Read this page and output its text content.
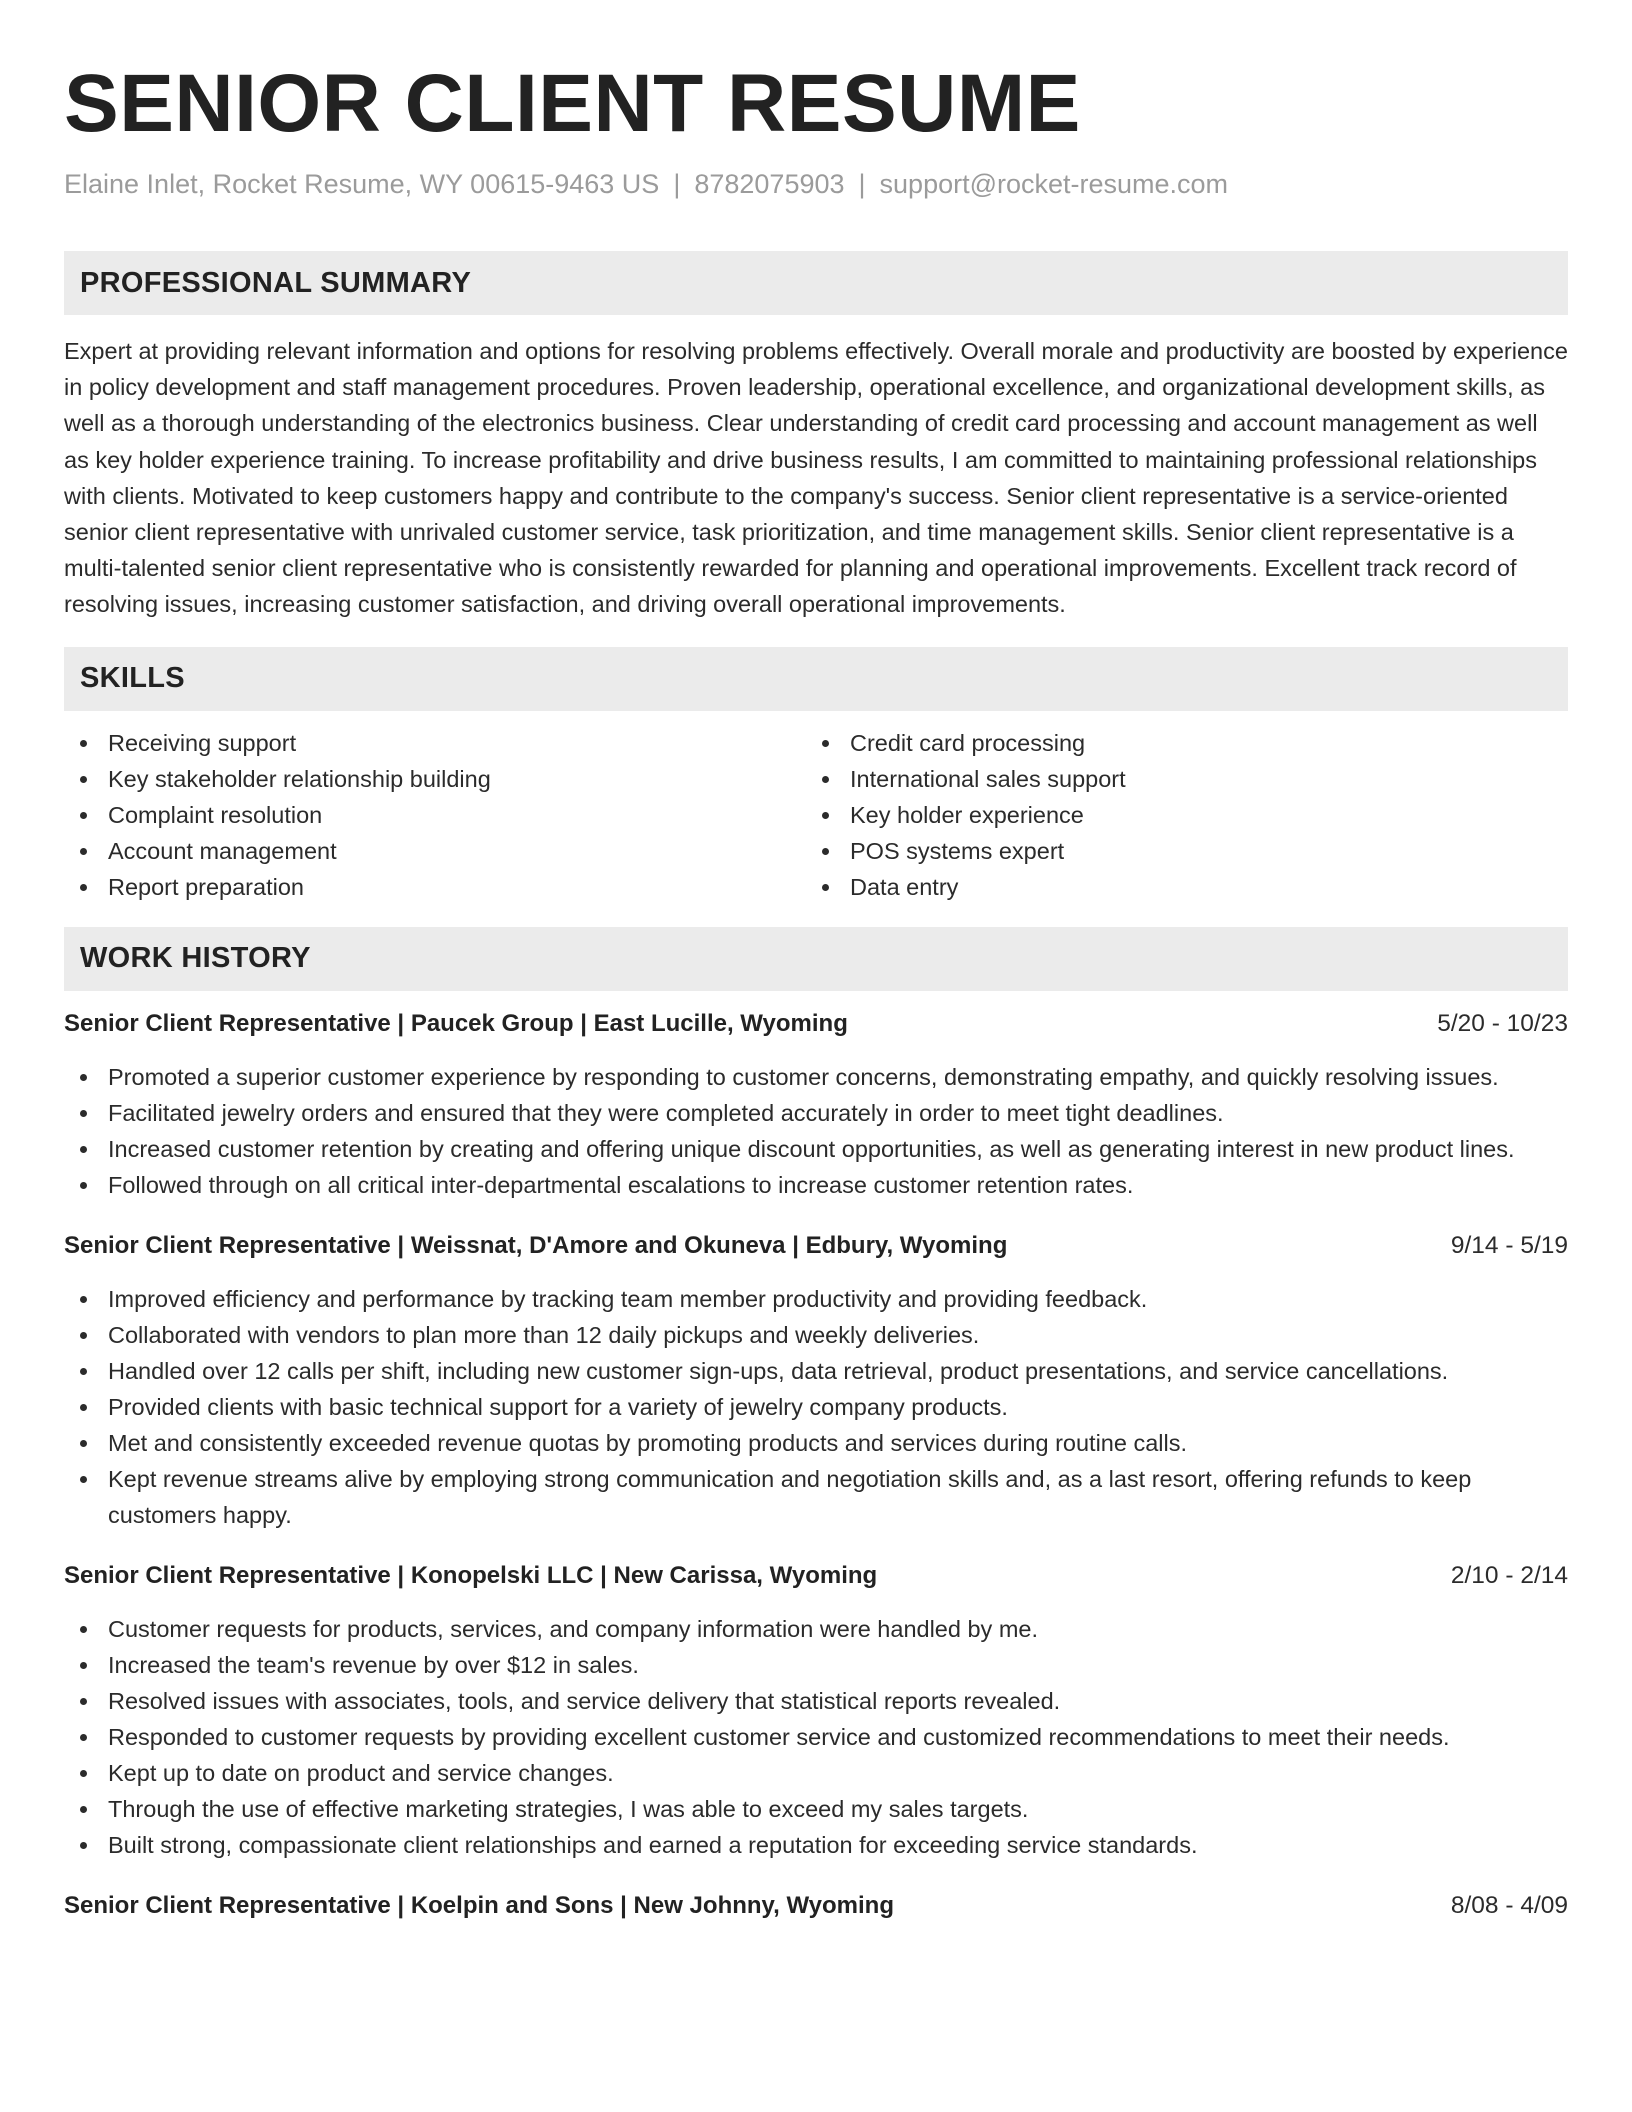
SENIOR CLIENT RESUME
Elaine Inlet, Rocket Resume, WY 00615-9463 US | 8782075903 | support@rocket-resume.com
PROFESSIONAL SUMMARY
Expert at providing relevant information and options for resolving problems effectively. Overall morale and productivity are boosted by experience in policy development and staff management procedures. Proven leadership, operational excellence, and organizational development skills, as well as a thorough understanding of the electronics business. Clear understanding of credit card processing and account management as well as key holder experience training. To increase profitability and drive business results, I am committed to maintaining professional relationships with clients. Motivated to keep customers happy and contribute to the company's success. Senior client representative is a service-oriented senior client representative with unrivaled customer service, task prioritization, and time management skills. Senior client representative is a multi-talented senior client representative who is consistently rewarded for planning and operational improvements. Excellent track record of resolving issues, increasing customer satisfaction, and driving overall operational improvements.
SKILLS
Receiving support
Key stakeholder relationship building
Complaint resolution
Account management
Report preparation
Credit card processing
International sales support
Key holder experience
POS systems expert
Data entry
WORK HISTORY
Senior Client Representative | Paucek Group | East Lucille, Wyoming	5/20 - 10/23
Promoted a superior customer experience by responding to customer concerns, demonstrating empathy, and quickly resolving issues.
Facilitated jewelry orders and ensured that they were completed accurately in order to meet tight deadlines.
Increased customer retention by creating and offering unique discount opportunities, as well as generating interest in new product lines.
Followed through on all critical inter-departmental escalations to increase customer retention rates.
Senior Client Representative | Weissnat, D'Amore and Okuneva | Edbury, Wyoming	9/14 - 5/19
Improved efficiency and performance by tracking team member productivity and providing feedback.
Collaborated with vendors to plan more than 12 daily pickups and weekly deliveries.
Handled over 12 calls per shift, including new customer sign-ups, data retrieval, product presentations, and service cancellations.
Provided clients with basic technical support for a variety of jewelry company products.
Met and consistently exceeded revenue quotas by promoting products and services during routine calls.
Kept revenue streams alive by employing strong communication and negotiation skills and, as a last resort, offering refunds to keep customers happy.
Senior Client Representative | Konopelski LLC | New Carissa, Wyoming	2/10 - 2/14
Customer requests for products, services, and company information were handled by me.
Increased the team's revenue by over $12 in sales.
Resolved issues with associates, tools, and service delivery that statistical reports revealed.
Responded to customer requests by providing excellent customer service and customized recommendations to meet their needs.
Kept up to date on product and service changes.
Through the use of effective marketing strategies, I was able to exceed my sales targets.
Built strong, compassionate client relationships and earned a reputation for exceeding service standards.
Senior Client Representative | Koelpin and Sons | New Johnny, Wyoming	8/08 - 4/09
